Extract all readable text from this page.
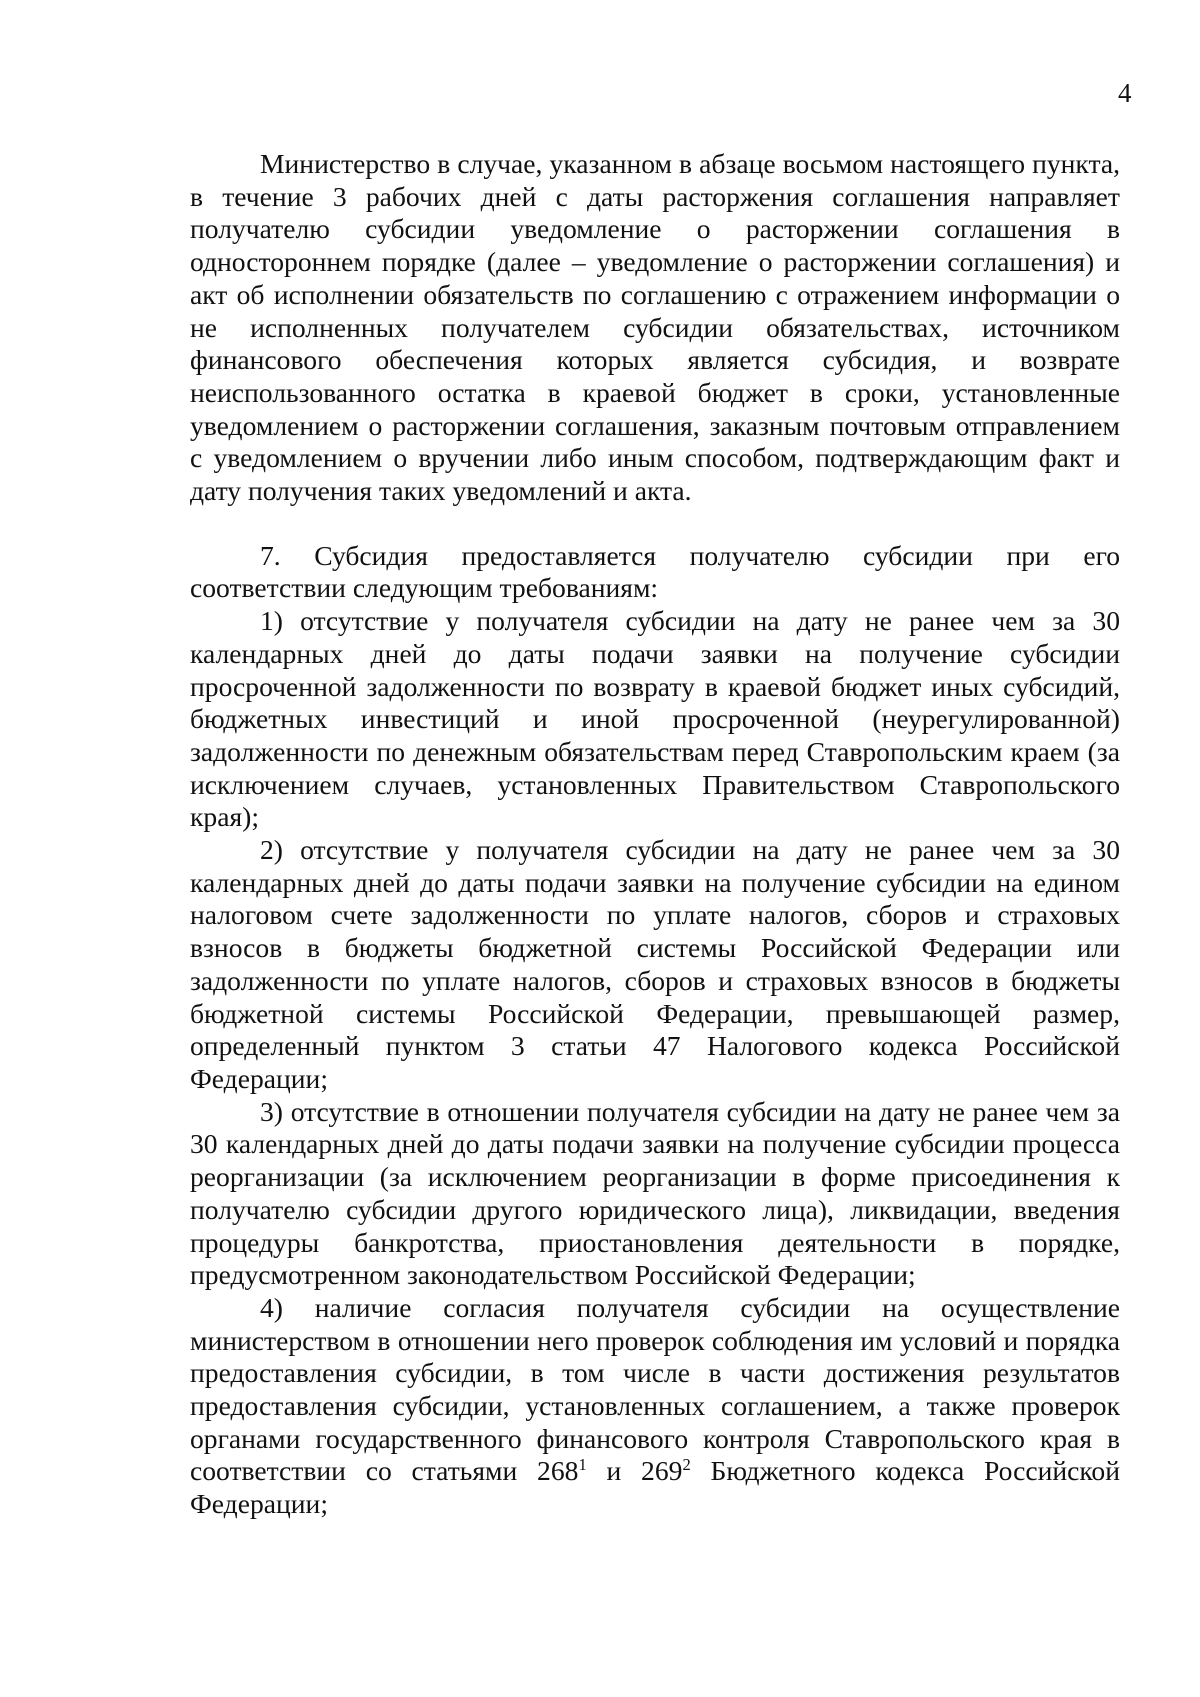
4

Министерство в случае, указанном в абзаце восьмом настоящего пункта, в течение 3 рабочих дней с даты расторжения соглашения направляет получателю субсидии уведомление о расторжении соглашения в одностороннем порядке (далее – уведомление о расторжении соглашения) и акт об исполнении обязательств по соглашению с отражением информации о не исполненных получателем субсидии обязательствах, источником финансового обеспечения которых является субсидия, и возврате неиспользованного остатка в краевой бюджет в сроки, установленные уведомлением о расторжении соглашения, заказным почтовым отправлением с уведомлением о вручении либо иным способом, подтверждающим факт и дату получения таких уведомлений и акта.

7. Субсидия предоставляется получателю субсидии при его соответствии следующим требованиям:

1) отсутствие у получателя субсидии на дату не ранее чем за 30 календарных дней до даты подачи заявки на получение субсидии просроченной задолженности по возврату в краевой бюджет иных субсидий, бюджетных инвестиций и иной просроченной (неурегулированной) задолженности по денежным обязательствам перед Ставропольским краем (за исключением случаев, установленных Правительством Ставропольского края);

2) отсутствие у получателя субсидии на дату не ранее чем за 30 календарных дней до даты подачи заявки на получение субсидии на едином налоговом счете задолженности по уплате налогов, сборов и страховых взносов в бюджеты бюджетной системы Российской Федерации или задолженности по уплате налогов, сборов и страховых взносов в бюджеты бюджетной системы Российской Федерации, превышающей размер, определенный пунктом 3 статьи 47 Налогового кодекса Российской Федерации;

3) отсутствие в отношении получателя субсидии на дату не ранее чем за 30 календарных дней до даты подачи заявки на получение субсидии процесса реорганизации (за исключением реорганизации в форме присоединения к получателю субсидии другого юридического лица), ликвидации, введения процедуры банкротства, приостановления деятельности в порядке, предусмотренном законодательством Российской Федерации;

4) наличие согласия получателя субсидии на осуществление министерством в отношении него проверок соблюдения им условий и порядка предоставления субсидии, в том числе в части достижения результатов предоставления субсидии, установленных соглашением, а также проверок органами государственного финансового контроля Ставропольского края в соответствии со статьями $268^1$ и $269^2$ Бюджетного кодекса Российской Федерации;
